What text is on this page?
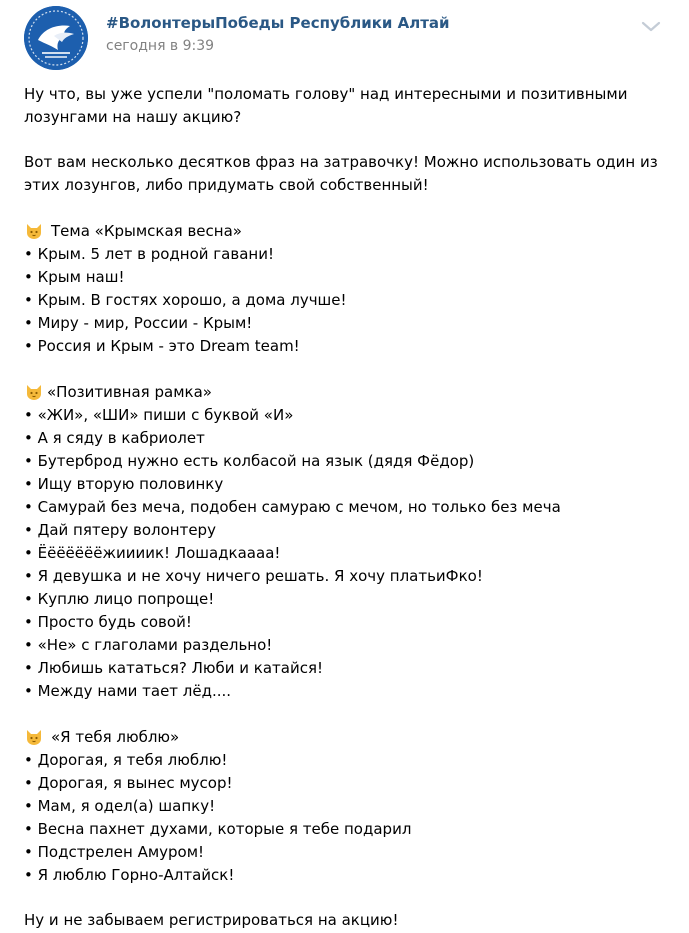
#ВолонтерыПобеды Республики Алтай
сегодня в 9:39
Ну что, вы уже успели "поломать голову" над интересными и позитивными
лозунгами на нашу акцию?
Вот вам несколько десятков фраз на затравочку! Можно использовать один из
этих лозунгов, либо придумать свой собственный!
Тема «Крымская весна»
• Крым. 5 лет в родной гавани!
• Крым наш!
• Крым. В гостях хорошо, а дома лучше!
• Миру - мир, России - Крым!
• Россия и Крым - это Dream team!
«Позитивная рамка»
• «ЖИ», «ШИ» пиши с буквой «И»
• А я сяду в кабриолет
• Бутерброд нужно есть колбасой на язык (дядя Фёдор)
• Ищу вторую половинку
• Самурай без меча, подобен самураю с мечом, но только без меча
• Дай пятеру волонтеру
• Ёёёёёёёжиииик! Лошадкаааа!
• Я девушка и не хочу ничего решать. Я хочу платьиФко!
• Куплю лицо попроще!
• Просто будь совой!
• «Не» с глаголами раздельно!
• Любишь кататься? Люби и катайся!
• Между нами тает лёд....
«Я тебя люблю»
• Дорогая, я тебя люблю!
• Дорогая, я вынес мусор!
• Мам, я одел(а) шапку!
• Весна пахнет духами, которые я тебе подарил
• Подстрелен Амуром!
• Я люблю Горно-Алтайск!
Ну и не забываем регистрироваться на акцию!
